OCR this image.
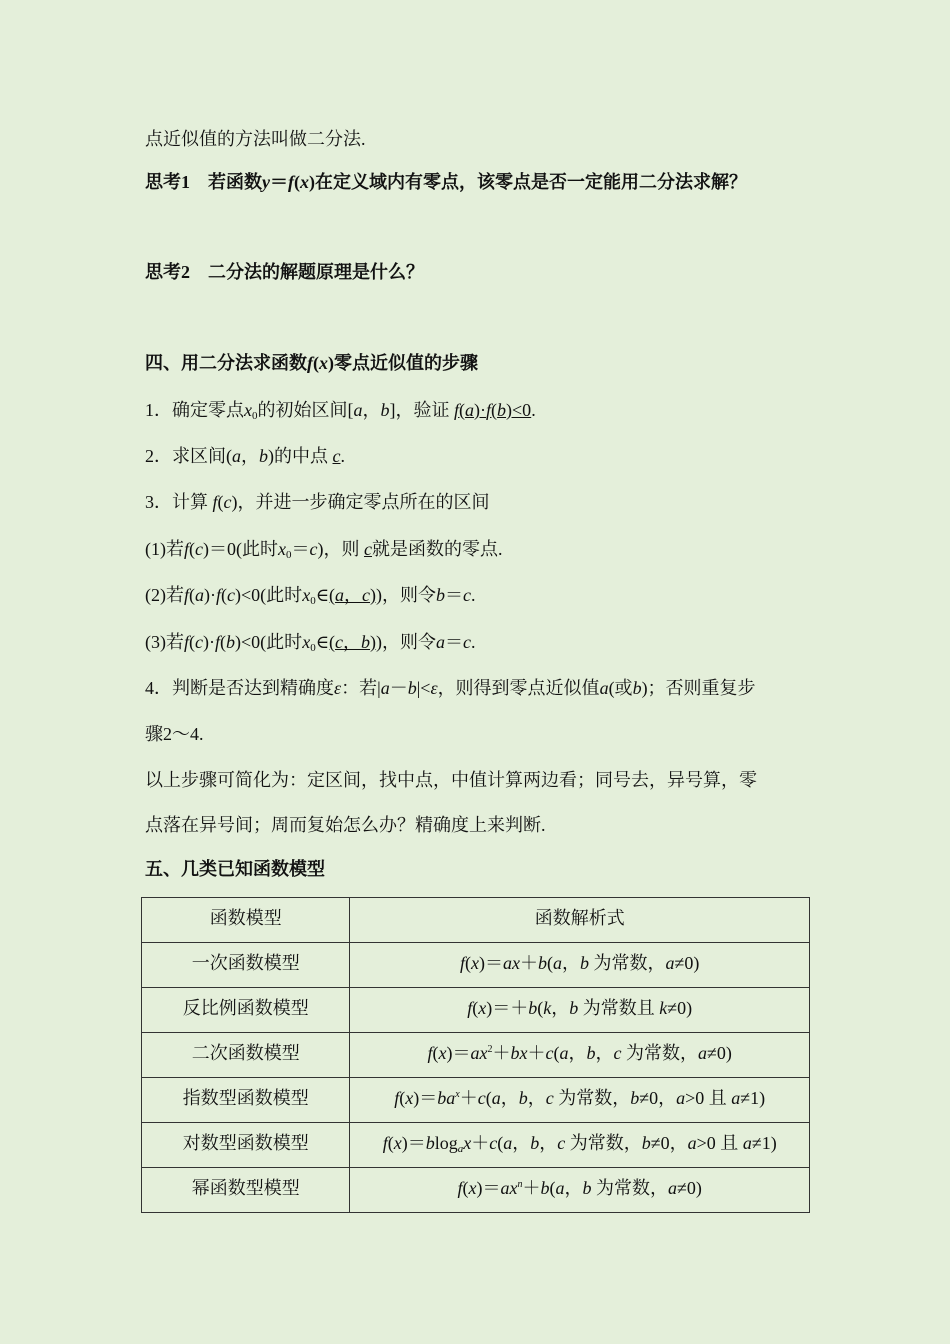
点近似值的方法叫做二分法.
思考1 若函数y＝f(x)在定义域内有零点，该零点是否一定能用二分法求解？
思考2 二分法的解题原理是什么？
四、用二分法求函数f(x)零点近似值的步骤
1．确定零点$x_0$的初始区间[a，b]，验证 f(a)·f(b)<0.
2．求区间(a，b)的中点 c.
3．计算 f(c)，并进一步确定零点所在的区间
(1)若f(c)＝0(此时$x_0=c$)，则 c就是函数的零点.
(2)若f(a)·f(c)<0(此时$x_0\in(a$，c))，则令b＝c.
(3)若f(c)·f(b)<0(此时$x_0\in(c$，b))，则令a＝c.
4．判断是否达到精确度ε：若|a－b|<ε，则得到零点近似值a(或b)；否则重复步
骤2～4.
以上步骤可简化为：定区间，找中点，中值计算两边看；同号去，异号算，零
点落在异号间；周而复始怎么办？精确度上来判断.
五、几类已知函数模型
函数模型	函数解析式
一次函数模型	f(x)＝ax＋b(a，b 为常数，a≠0)
反比例函数模型	f(x)＝＋b(k，b 为常数且 k≠0)
二次函数模型	$f(x)=ax^2+bx+c(a$，b，c 为常数，a≠0)
指数型函数模型	$f(x)=ba^x+c(a$，b，c 为常数，b≠0，a>0 且 a≠1)
对数型函数模型	f(x)＝blog$_a$x＋c(a，b，c 为常数，b≠0，a>0 且 a≠1)
幂函数型模型	$f(x)=ax^n+b(a$，b 为常数，a≠0)
